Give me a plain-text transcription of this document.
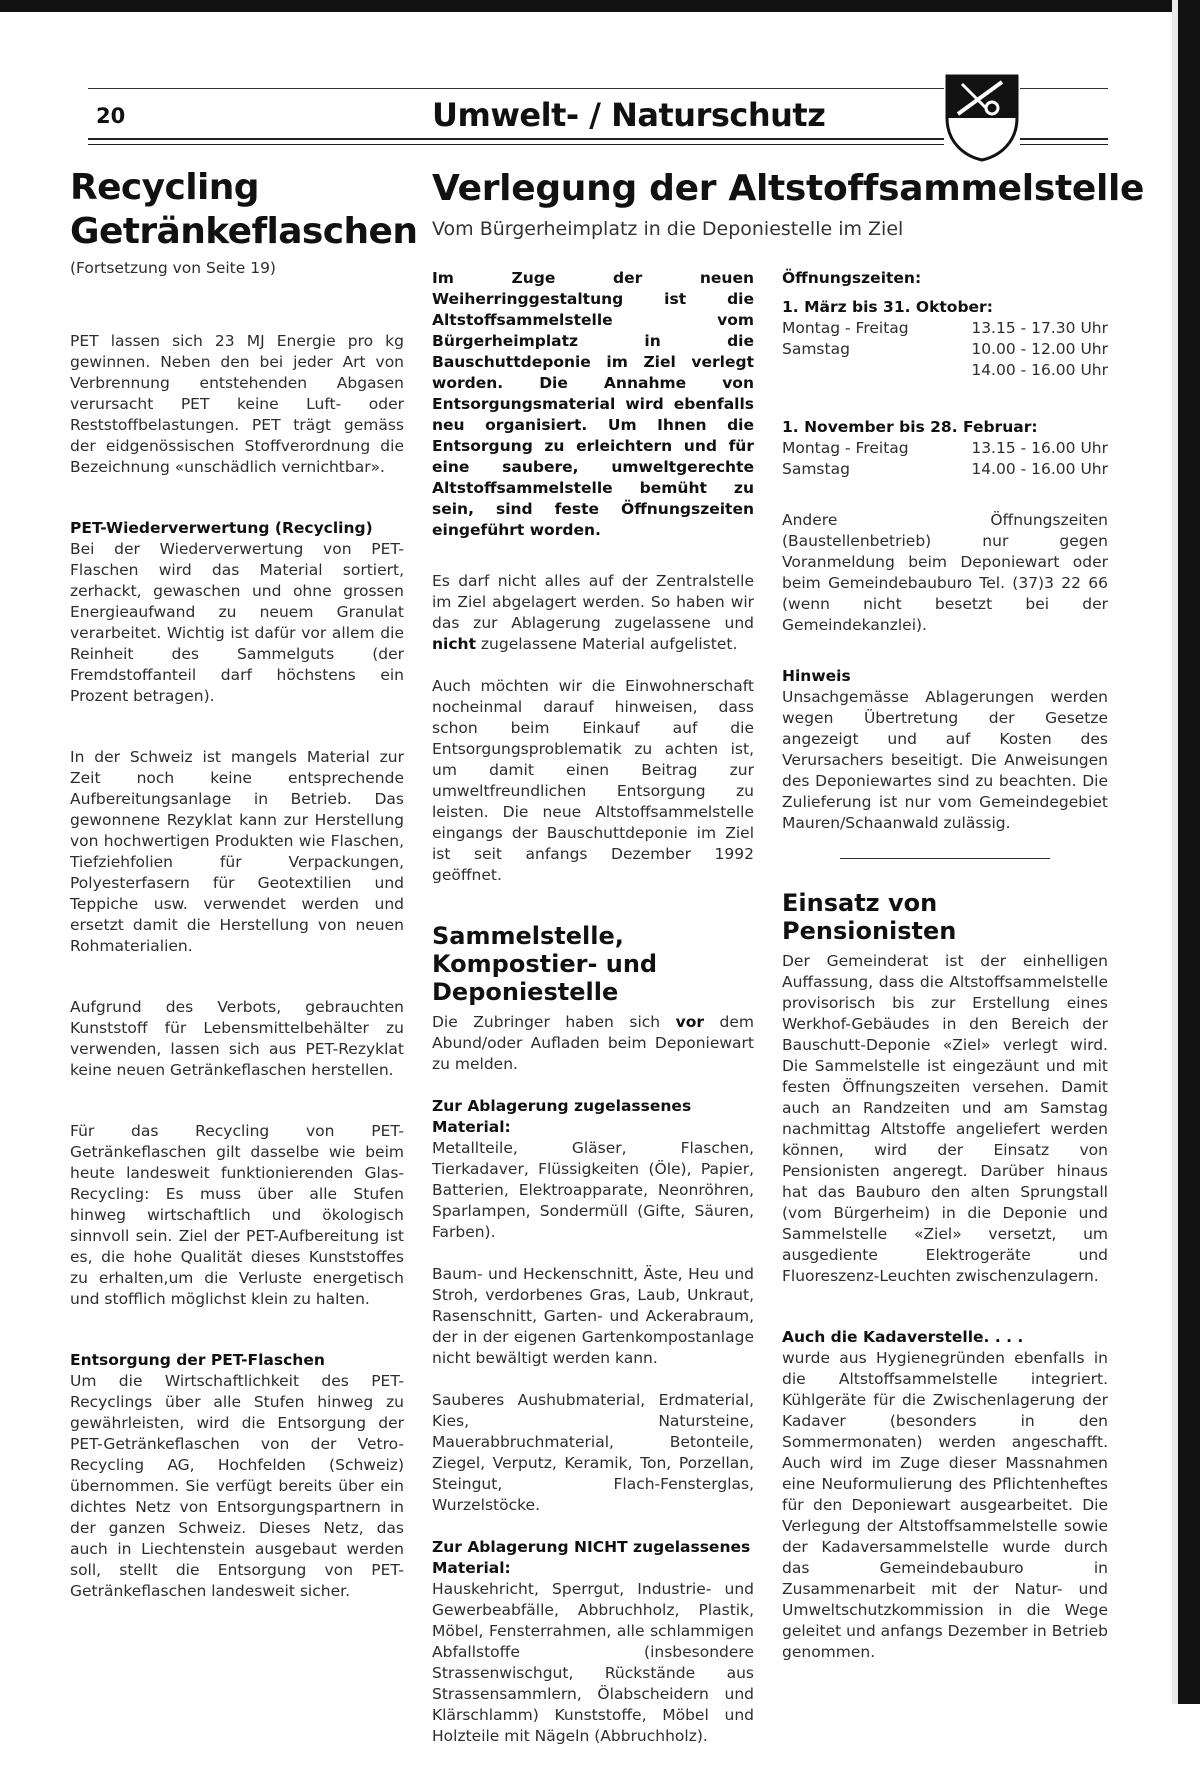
20	Umwelt- / Naturschutz
Recycling
Getränkeflaschen
Verlegung der Altstoffsammelstelle
Vom Bürgerheimplatz in die Deponiestelle im Ziel

(Fortsetzung von Seite 19)

PET lassen sich 23 MJ Energie pro kg gewinnen. Neben den bei jeder Art von Verbrennung entstehenden Abgasen verursacht PET keine Luft- oder Reststoffbelastungen. PET trägt gemäss der eidgenössischen Stoffverordnung die Bezeichnung «unschädlich vernichtbar».

PET-Wiederverwertung (Recycling)

Bei der Wiederverwertung von PET-Flaschen wird das Material sortiert, zerhackt, gewaschen und ohne grossen Energieaufwand zu neuem Granulat verarbeitet. Wichtig ist dafür vor allem die Reinheit des Sammelguts (der Fremdstoffanteil darf höchstens ein Prozent betragen).

In der Schweiz ist mangels Material zur Zeit noch keine entsprechende Aufbereitungsanlage in Betrieb. Das gewonnene Rezyklat kann zur Herstellung von hochwertigen Produkten wie Flaschen, Tiefziehfolien für Verpackungen, Polyesterfasern für Geotextilien und Teppiche usw. verwendet werden und ersetzt damit die Herstellung von neuen Rohmaterialien.

Aufgrund des Verbots, gebrauchten Kunststoff für Lebensmittelbehälter zu verwenden, lassen sich aus PET-Rezyklat keine neuen Getränkeflaschen herstellen.

Für das Recycling von PET-Getränkeflaschen gilt dasselbe wie beim heute landesweit funktionierenden Glas-Recycling: Es muss über alle Stufen hinweg wirtschaftlich und ökologisch sinnvoll sein. Ziel der PET-Aufbereitung ist es, die hohe Qualität dieses Kunststoffes zu erhalten,um die Verluste energetisch und stofflich möglichst klein zu halten.

Entsorgung der PET-Flaschen

Um die Wirtschaftlichkeit des PET-Recyclings über alle Stufen hinweg zu gewährleisten, wird die Entsorgung der PET-Getränkeflaschen von der Vetro-Recycling AG, Hochfelden (Schweiz) übernommen. Sie verfügt bereits über ein dichtes Netz von Entsorgungspartnern in der ganzen Schweiz. Dieses Netz, das auch in Liechtenstein ausgebaut werden soll, stellt die Entsorgung von PET-Getränkeflaschen landesweit sicher.

Im Zuge der neuen Weiherringgestaltung ist die Altstoffsammelstelle vom Bürgerheimplatz in die Bauschuttdeponie im Ziel verlegt worden. Die Annahme von Entsorgungsmaterial wird ebenfalls neu organisiert. Um Ihnen die Entsorgung zu erleichtern und für eine saubere, umweltgerechte Altstoffsammelstelle bemüht zu sein, sind feste Öffnungszeiten eingeführt worden.

Es darf nicht alles auf der Zentralstelle im Ziel abgelagert werden. So haben wir das zur Ablagerung zugelassene und nicht zugelassene Material aufgelistet.

Auch möchten wir die Einwohnerschaft nocheinmal darauf hinweisen, dass schon beim Einkauf auf die Entsorgungsproblematik zu achten ist, um damit einen Beitrag zur umweltfreundlichen Entsorgung zu leisten. Die neue Altstoffsammelstelle eingangs der Bauschuttdeponie im Ziel ist seit anfangs Dezember 1992 geöffnet.

Sammelstelle, Kompostier- und Deponiestelle

Die Zubringer haben sich vor dem Abund/oder Aufladen beim Deponiewart zu melden.

Zur Ablagerung zugelassenes Material:

Metallteile, Gläser, Flaschen, Tierkadaver, Flüssigkeiten (Öle), Papier, Batterien, Elektroapparate, Neonröhren, Sparlampen, Sondermüll (Gifte, Säuren, Farben).

Baum- und Heckenschnitt, Äste, Heu und Stroh, verdorbenes Gras, Laub, Unkraut, Rasenschnitt, Garten- und Ackerabraum, der in der eigenen Gartenkompostanlage nicht bewältigt werden kann.

Sauberes Aushubmaterial, Erdmaterial, Kies, Natursteine, Mauerabbruchmaterial, Betonteile, Ziegel, Verputz, Keramik, Ton, Porzellan, Steingut, Flach-Fensterglas, Wurzelstöcke.

Zur Ablagerung NICHT zugelassenes Material:

Hauskehricht, Sperrgut, Industrie- und Gewerbeabfälle, Abbruchholz, Plastik, Möbel, Fensterrahmen, alle schlammigen Abfallstoffe (insbesondere Strassenwischgut, Rückstände aus Strassensammlern, Ölabscheidern und Klärschlamm) Kunststoffe, Möbel und Holzteile mit Nägeln (Abbruchholz).

Öffnungszeiten:
1. März bis 31. Oktober:
Montag - Freitag	13.15 - 17.30 Uhr
Samstag	10.00 - 12.00 Uhr
14.00 - 16.00 Uhr
1. November bis 28. Februar:
Montag - Freitag	13.15 - 16.00 Uhr
Samstag	14.00 - 16.00 Uhr

Andere Öffnungszeiten (Baustellenbetrieb) nur gegen Voranmeldung beim Deponiewart oder beim Gemeindebauburo Tel. (37)3 22 66 (wenn nicht besetzt bei der Gemeindekanzlei).

Hinweis

Unsachgemässe Ablagerungen werden wegen Übertretung der Gesetze angezeigt und auf Kosten des Verursachers beseitigt. Die Anweisungen des Deponiewartes sind zu beachten. Die Zulieferung ist nur vom Gemeindegebiet Mauren/Schaanwald zulässig.

Einsatz von Pensionisten

Der Gemeinderat ist der einhelligen Auffassung, dass die Altstoffsammelstelle provisorisch bis zur Erstellung eines Werkhof-Gebäudes in den Bereich der Bauschutt-Deponie «Ziel» verlegt wird. Die Sammelstelle ist eingezäunt und mit festen Öffnungszeiten versehen. Damit auch an Randzeiten und am Samstag nachmittag Altstoffe angeliefert werden können, wird der Einsatz von Pensionisten angeregt. Darüber hinaus hat das Bauburo den alten Sprungstall (vom Bürgerheim) in die Deponie und Sammelstelle «Ziel» versetzt, um ausgediente Elektrogeräte und Fluoreszenz-Leuchten zwischenzulagern.

Auch die Kadaverstelle. . . .

wurde aus Hygienegründen ebenfalls in die Altstoffsammelstelle integriert. Kühlgeräte für die Zwischenlagerung der Kadaver (besonders in den Sommermonaten) werden angeschafft. Auch wird im Zuge dieser Massnahmen eine Neuformulierung des Pflichtenheftes für den Deponiewart ausgearbeitet. Die Verlegung der Altstoffsammelstelle sowie der Kadaversammelstelle wurde durch das Gemeindebauburo in Zusammenarbeit mit der Natur- und Umweltschutzkommission in die Wege geleitet und anfangs Dezember in Betrieb genommen.
